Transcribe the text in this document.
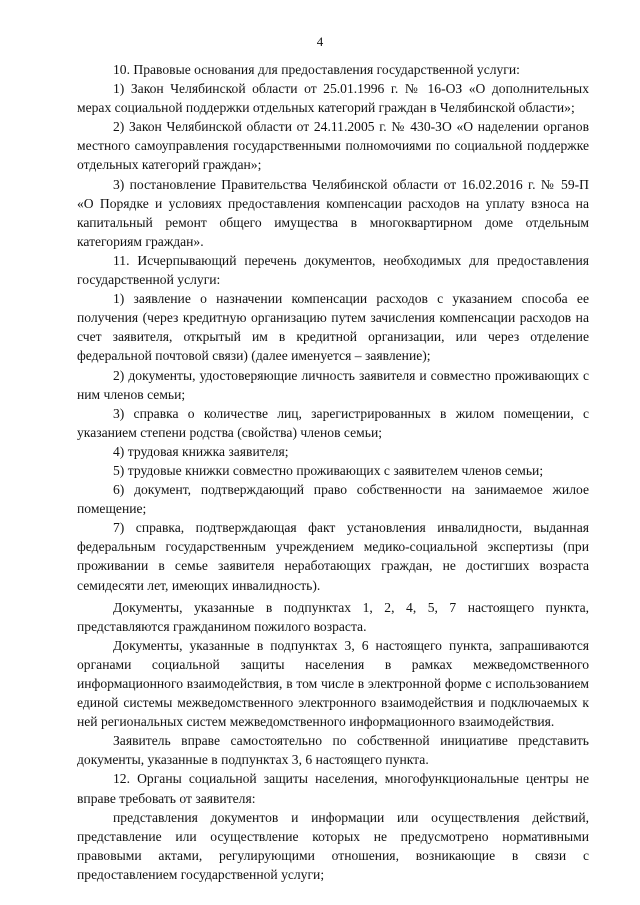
4

10. Правовые основания для предоставления государственной услуги:

1) Закон Челябинской области от 25.01.1996 г. № 16-ОЗ «О дополнительных мерах социальной поддержки отдельных категорий граждан в Челябинской области»;

2) Закон Челябинской области от 24.11.2005 г. № 430-ЗО «О наделении органов местного самоуправления государственными полномочиями по социальной поддержке отдельных категорий граждан»;

3) постановление Правительства Челябинской области от 16.02.2016 г. № 59-П «О Порядке и условиях предоставления компенсации расходов на уплату взноса на капитальный ремонт общего имущества в многоквартирном доме отдельным категориям граждан».

11. Исчерпывающий перечень документов, необходимых для предоставления государственной услуги:

1) заявление о назначении компенсации расходов с указанием способа ее получения (через кредитную организацию путем зачисления компенсации расходов на счет заявителя, открытый им в кредитной организации, или через отделение федеральной почтовой связи) (далее именуется – заявление);

2) документы, удостоверяющие личность заявителя и совместно проживающих с ним членов семьи;

3) справка о количестве лиц, зарегистрированных в жилом помещении, с указанием степени родства (свойства) членов семьи;

4) трудовая книжка заявителя;

5) трудовые книжки совместно проживающих с заявителем членов семьи;

6) документ, подтверждающий право собственности на занимаемое жилое помещение;

7) справка, подтверждающая факт установления инвалидности, выданная федеральным государственным учреждением медико-социальной экспертизы (при проживании в семье заявителя неработающих граждан, не достигших возраста семидесяти лет, имеющих инвалидность).

Документы, указанные в подпунктах 1, 2, 4, 5, 7 настоящего пункта, представляются гражданином пожилого возраста.

Документы, указанные в подпунктах 3, 6 настоящего пункта, запрашиваются органами социальной защиты населения в рамках межведомственного информационного взаимодействия, в том числе в электронной форме с использованием единой системы межведомственного электронного взаимодействия и подключаемых к ней региональных систем межведомственного информационного взаимодействия.

Заявитель вправе самостоятельно по собственной инициативе представить документы, указанные в подпунктах 3, 6 настоящего пункта.

12. Органы социальной защиты населения, многофункциональные центры не вправе требовать от заявителя:

представления документов и информации или осуществления действий, представление или осуществление которых не предусмотрено нормативными правовыми актами, регулирующими отношения, возникающие в связи с предоставлением государственной услуги;
